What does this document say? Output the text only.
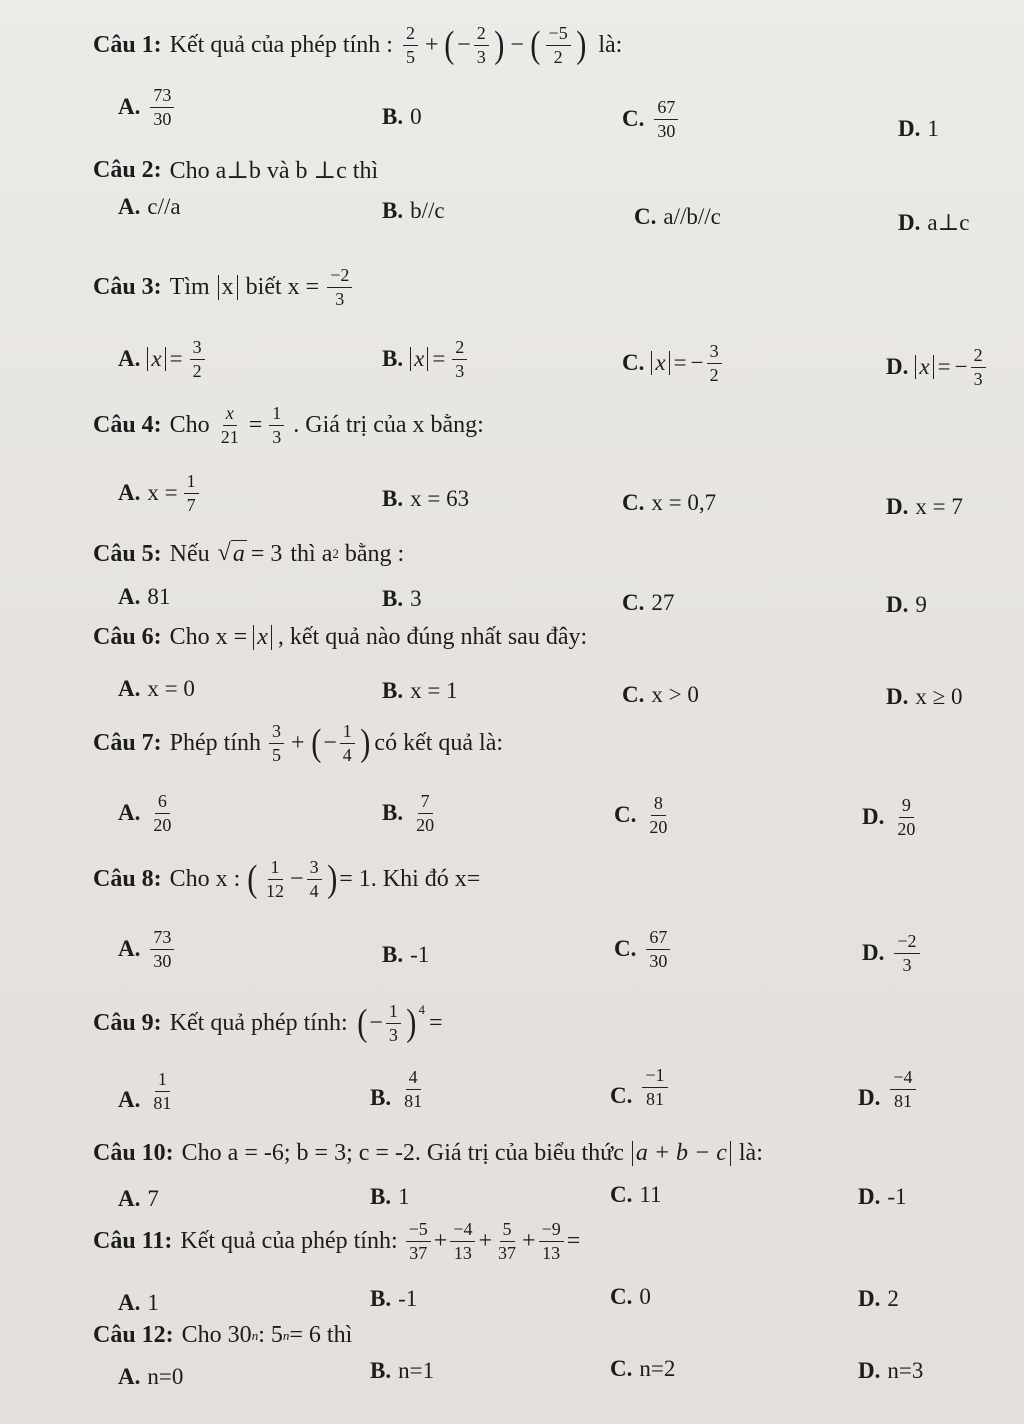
Câu 1: Kết quả của phép tính : $\frac{2}{5}$ + ( − $\frac{2}{3}$ ) − ( $\frac{-5}{2}$ ) là:
A. $\frac{73}{30}$	B. 0	C. $\frac{67}{30}$	D. 1
Câu 2: Cho a⊥b và b ⊥c thì
A. c//a	B. b//c	C. a//b//c	D. a⊥c
Câu 3: Tìm x biết $x = \frac{-2}{3}$
A. $x = \frac{3}{2}$	B. $x = \frac{2}{3}$	C. x = − $\frac{3}{2}$	D. x = − $\frac{2}{3}$
Câu 4: Cho $\frac{x}{21} = \frac{1}{3}$ . Giá trị của x bằng:
A. $x = \frac{1}{7}$	B. x = 63	C. x = 0,7	D. x = 7
Câu 5: Nếu √ a = 3 thì a 2 bằng :
A. 81	B. 3	C. 27	D. 9
Câu 6: Cho x = x , kết quả nào đúng nhất sau đây:
A. x = 0	B. x = 1	C. x > 0	D. x ≥ 0
Câu 7: Phép tính $\frac{3}{5}$ + ( − $\frac{1}{4}$ ) có kết quả là:
A. $\frac{6}{20}$	B. $\frac{7}{20}$	C. $\frac{8}{20}$	D. $\frac{9}{20}$
Câu 8: Cho x : ( $\frac{1}{12} - \frac{3}{4}$ ) = 1. Khi đó x=
A. $\frac{73}{30}$	B. -1	C. $\frac{67}{30}$	D. $\frac{-2}{3}$
Câu 9: Kết quả phép tính: ( − $\frac{1}{3} )^4$
=
A. $\frac{1}{81}$	B. $\frac{4}{81}$	C. $\frac{-1}{81}$	D. $\frac{-4}{81}$
Câu 10: Cho a = -6; b = 3; c = -2. Giá trị của biểu thức a + b − c là:
A. 7	B. 1	C. 11	D. -1
Câu 11: Kết quả của phép tính: $\frac{-5}{37} + \frac{-4}{13} + \frac{5}{37} + \frac{-9}{13}$ =
A. 1	B. -1	C. 0	D. 2
Câu 12: Cho 30 n : 5 n = 6 thì
A. n=0	B. n=1	C. n=2	D. n=3
